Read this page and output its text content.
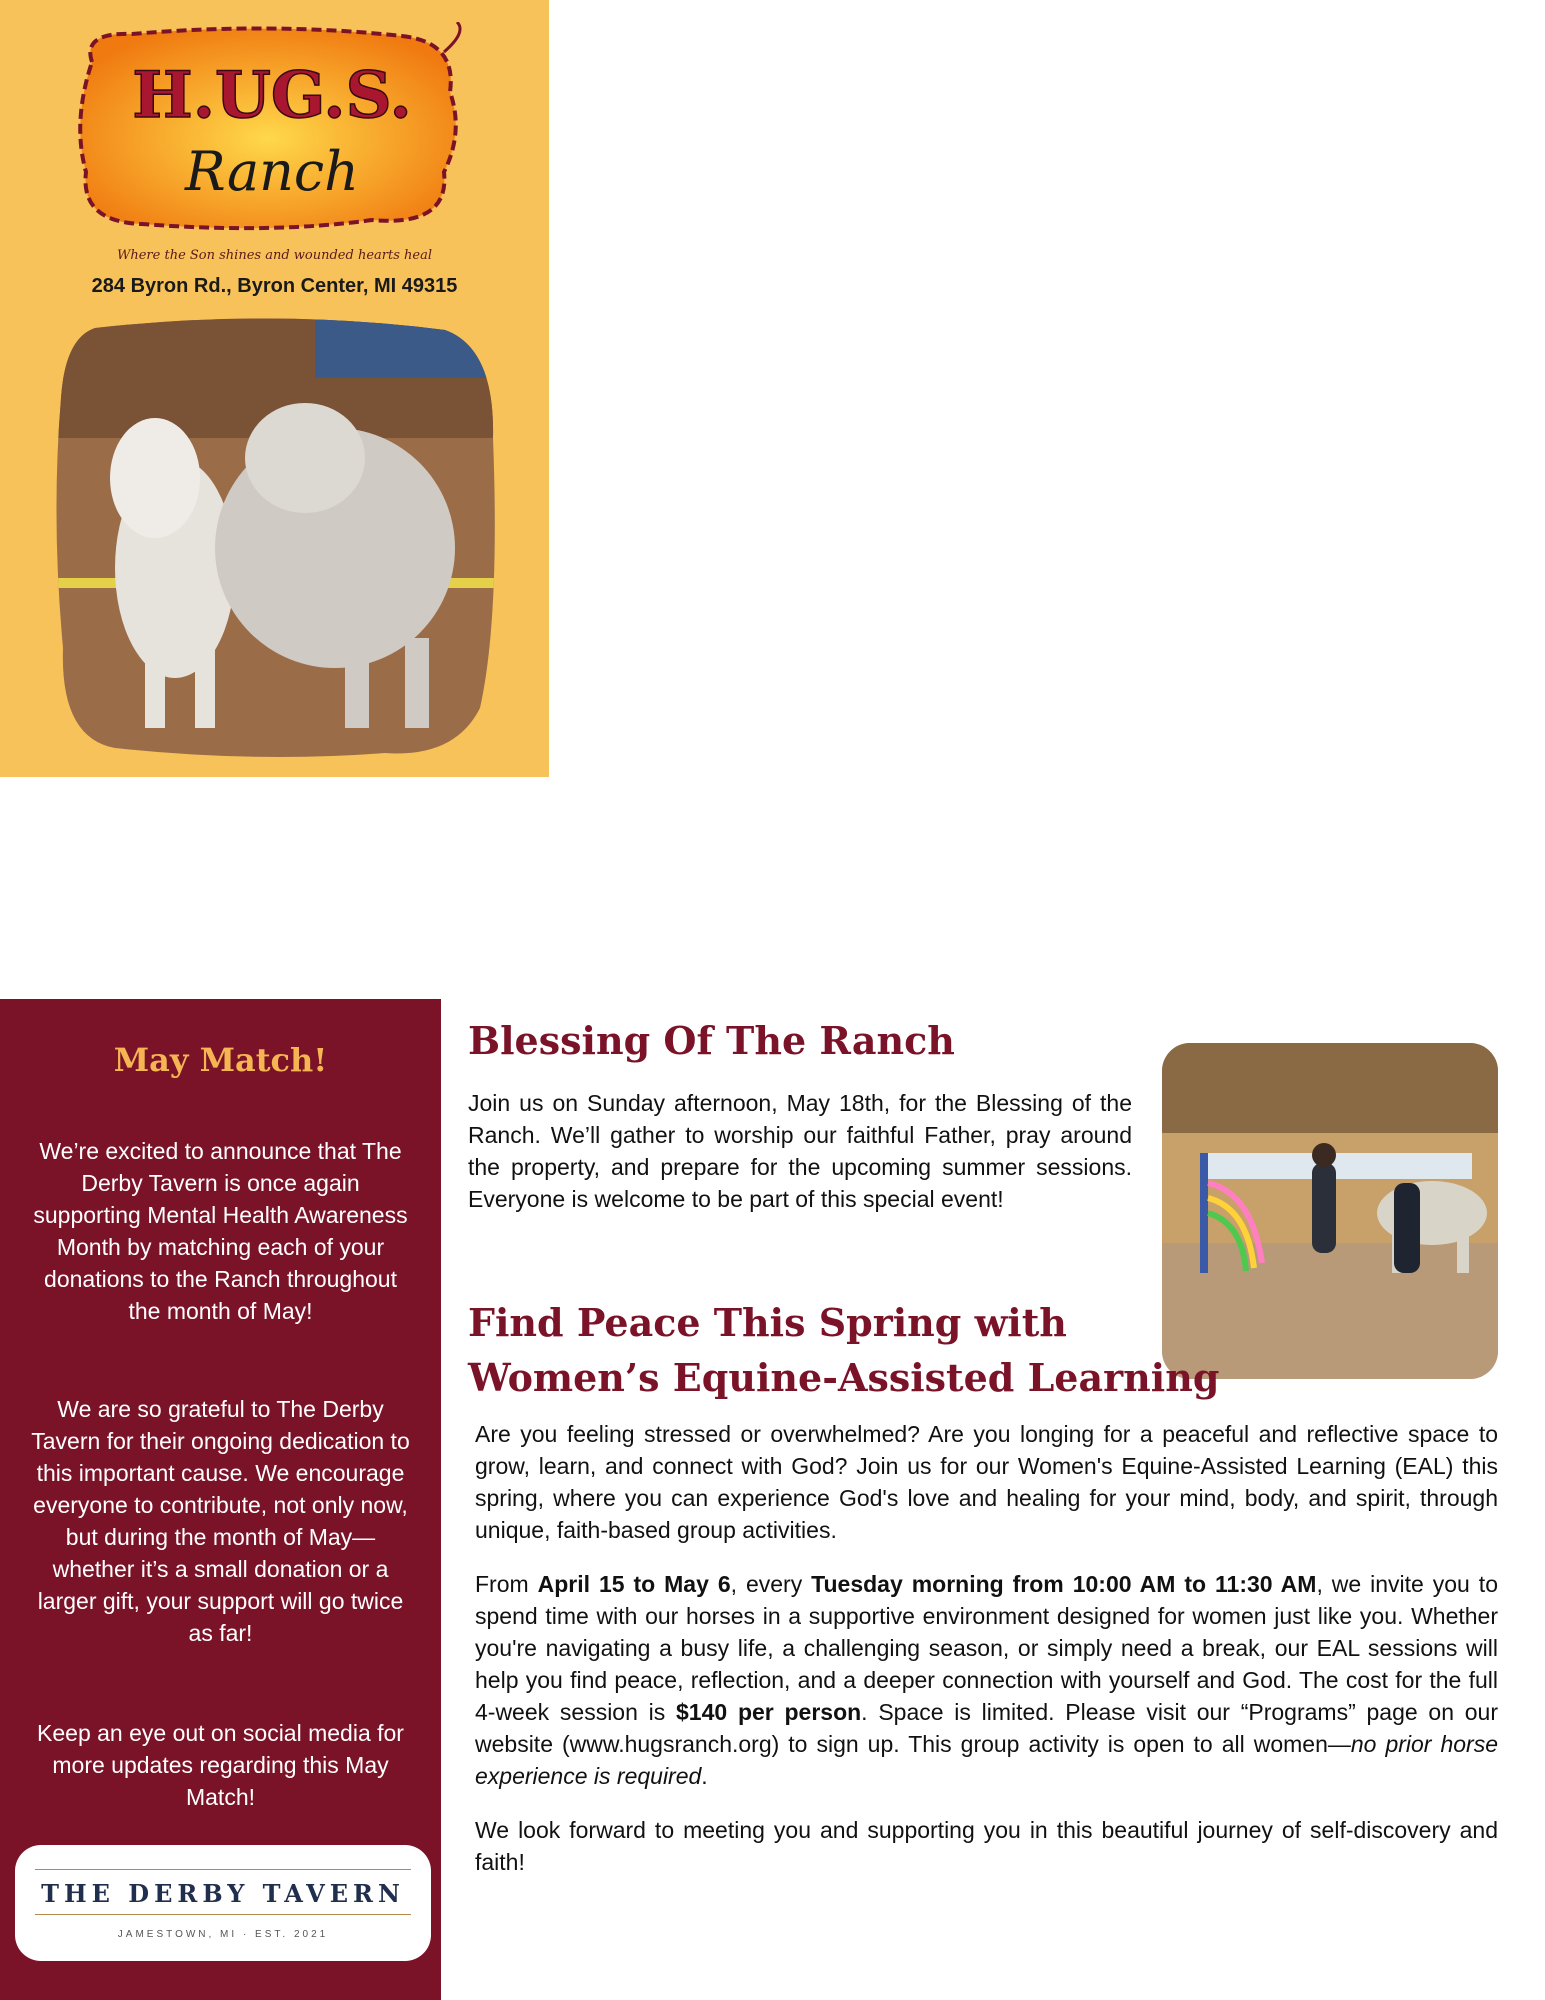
H.UG.S.
Ranch
Where the Son shines and wounded hearts heal
284 Byron Rd., Byron Center, MI 49315
May Match!

We’re excited to announce that The Derby Tavern is once again supporting Mental Health Awareness Month by matching each of your donations to the Ranch throughout the month of May!

We are so grateful to The Derby Tavern for their ongoing dedication to this important cause. We encourage everyone to contribute, not only now, but during the month of May—whether it’s a small donation or a larger gift, your support will go twice as far!

Keep an eye out on social media for more updates regarding this May Match!

THE DERBY TAVERN
JAMESTOWN, MI · EST. 2021
Blessing Of The Ranch

Join us on Sunday afternoon, May 18th, for the Blessing of the Ranch. We’ll gather to worship our faithful Father, pray around the property, and prepare for the upcoming summer sessions. Everyone is welcome to be part of this special event!

Find Peace This Spring with
Women’s Equine-Assisted Learning

Are you feeling stressed or overwhelmed? Are you longing for a peaceful and reflective space to grow, learn, and connect with God? Join us for our Women's Equine-Assisted Learning (EAL) this spring, where you can experience God's love and healing for your mind, body, and spirit, through unique, faith-based group activities.

From April 15 to May 6, every Tuesday morning from 10:00 AM to 11:30 AM, we invite you to spend time with our horses in a supportive environment designed for women just like you. Whether you're navigating a busy life, a challenging season, or simply need a break, our EAL sessions will help you find peace, reflection, and a deeper connection with yourself and God. The cost for the full 4-week session is $140 per person. Space is limited. Please visit our “Programs” page on our website (www.hugsranch.org) to sign up. This group activity is open to all women—no prior horse experience is required.

We look forward to meeting you and supporting you in this beautiful journey of self-discovery and faith!
